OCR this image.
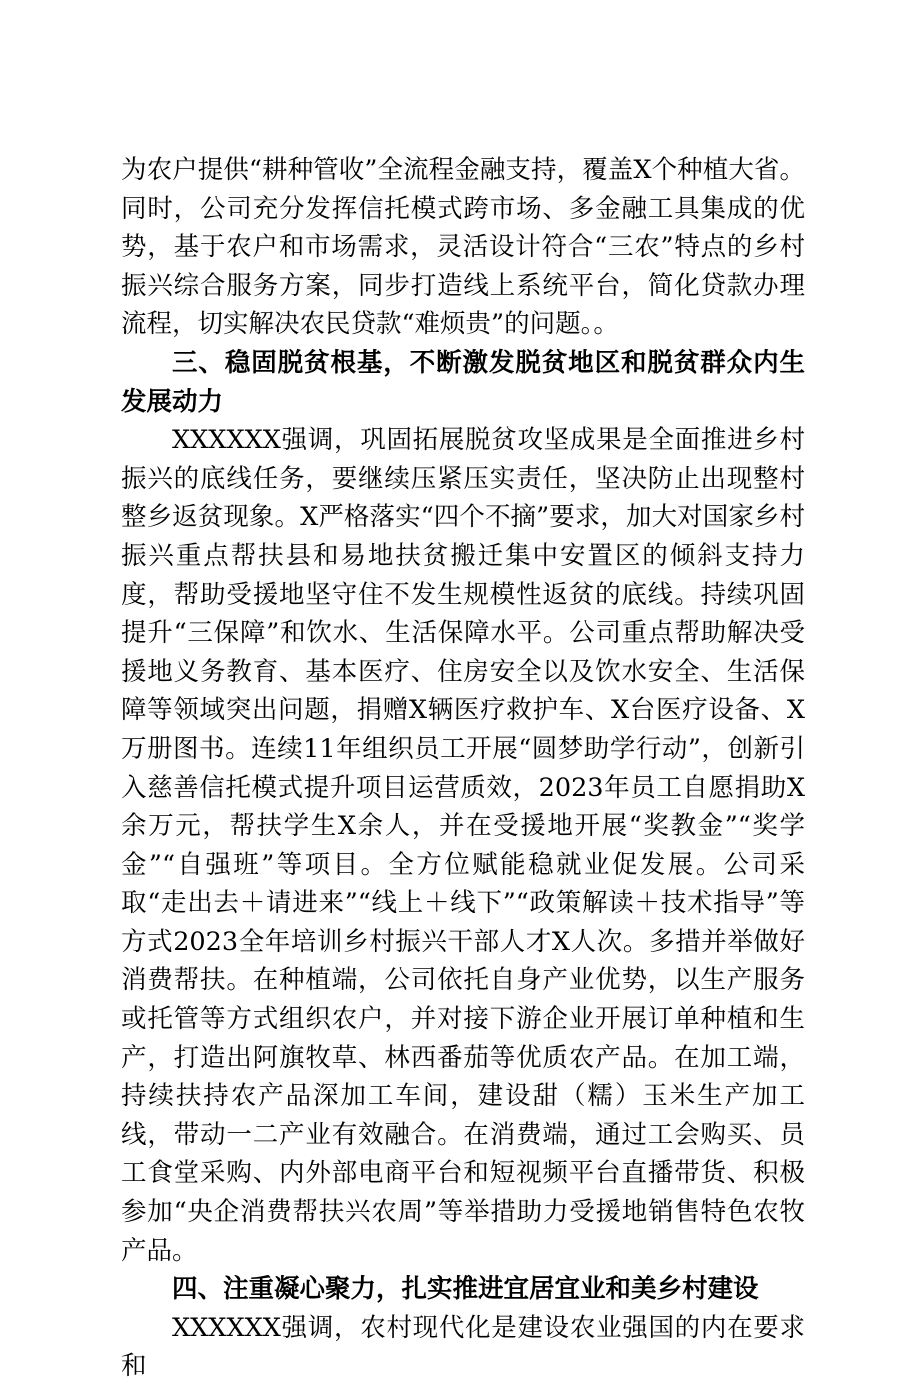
为农户提供“耕种管收”全流程金融支持，覆盖X个种植大省。同时，公司充分发挥信托模式跨市场、多金融工具集成的优势，基于农户和市场需求，灵活设计符合“三农”特点的乡村振兴综合服务方案，同步打造线上系统平台，简化贷款办理流程，切实解决农民贷款“难烦贵”的问题。。

三、稳固脱贫根基，不断激发脱贫地区和脱贫群众内生发展动力

XXXXXX强调，巩固拓展脱贫攻坚成果是全面推进乡村振兴的底线任务，要继续压紧压实责任，坚决防止出现整村整乡返贫现象。X严格落实“四个不摘”要求，加大对国家乡村振兴重点帮扶县和易地扶贫搬迁集中安置区的倾斜支持力度，帮助受援地坚守住不发生规模性返贫的底线。持续巩固提升“三保障”和饮水、生活保障水平。公司重点帮助解决受援地义务教育、基本医疗、住房安全以及饮水安全、生活保障等领域突出问题，捐赠X辆医疗救护车、X台医疗设备、X万册图书。连续11年组织员工开展“圆梦助学行动”，创新引入慈善信托模式提升项目运营质效，2023年员工自愿捐助X余万元，帮扶学生X余人，并在受援地开展“奖教金”“奖学金”“自强班”等项目。全方位赋能稳就业促发展。公司采取“走出去＋请进来”“线上＋线下”“政策解读＋技术指导”等方式2023全年培训乡村振兴干部人才X人次。多措并举做好消费帮扶。在种植端，公司依托自身产业优势，以生产服务或托管等方式组织农户，并对接下游企业开展订单种植和生产，打造出阿旗牧草、林西番茄等优质农产品。在加工端，持续扶持农产品深加工车间，建设甜（糯）玉米生产加工线，带动一二产业有效融合。在消费端，通过工会购买、员工食堂采购、内外部电商平台和短视频平台直播带货、积极参加“央企消费帮扶兴农周”等举措助力受援地销售特色农牧产品。

四、注重凝心聚力，扎实推进宜居宜业和美乡村建设

XXXXXX强调，农村现代化是建设农业强国的内在要求和
